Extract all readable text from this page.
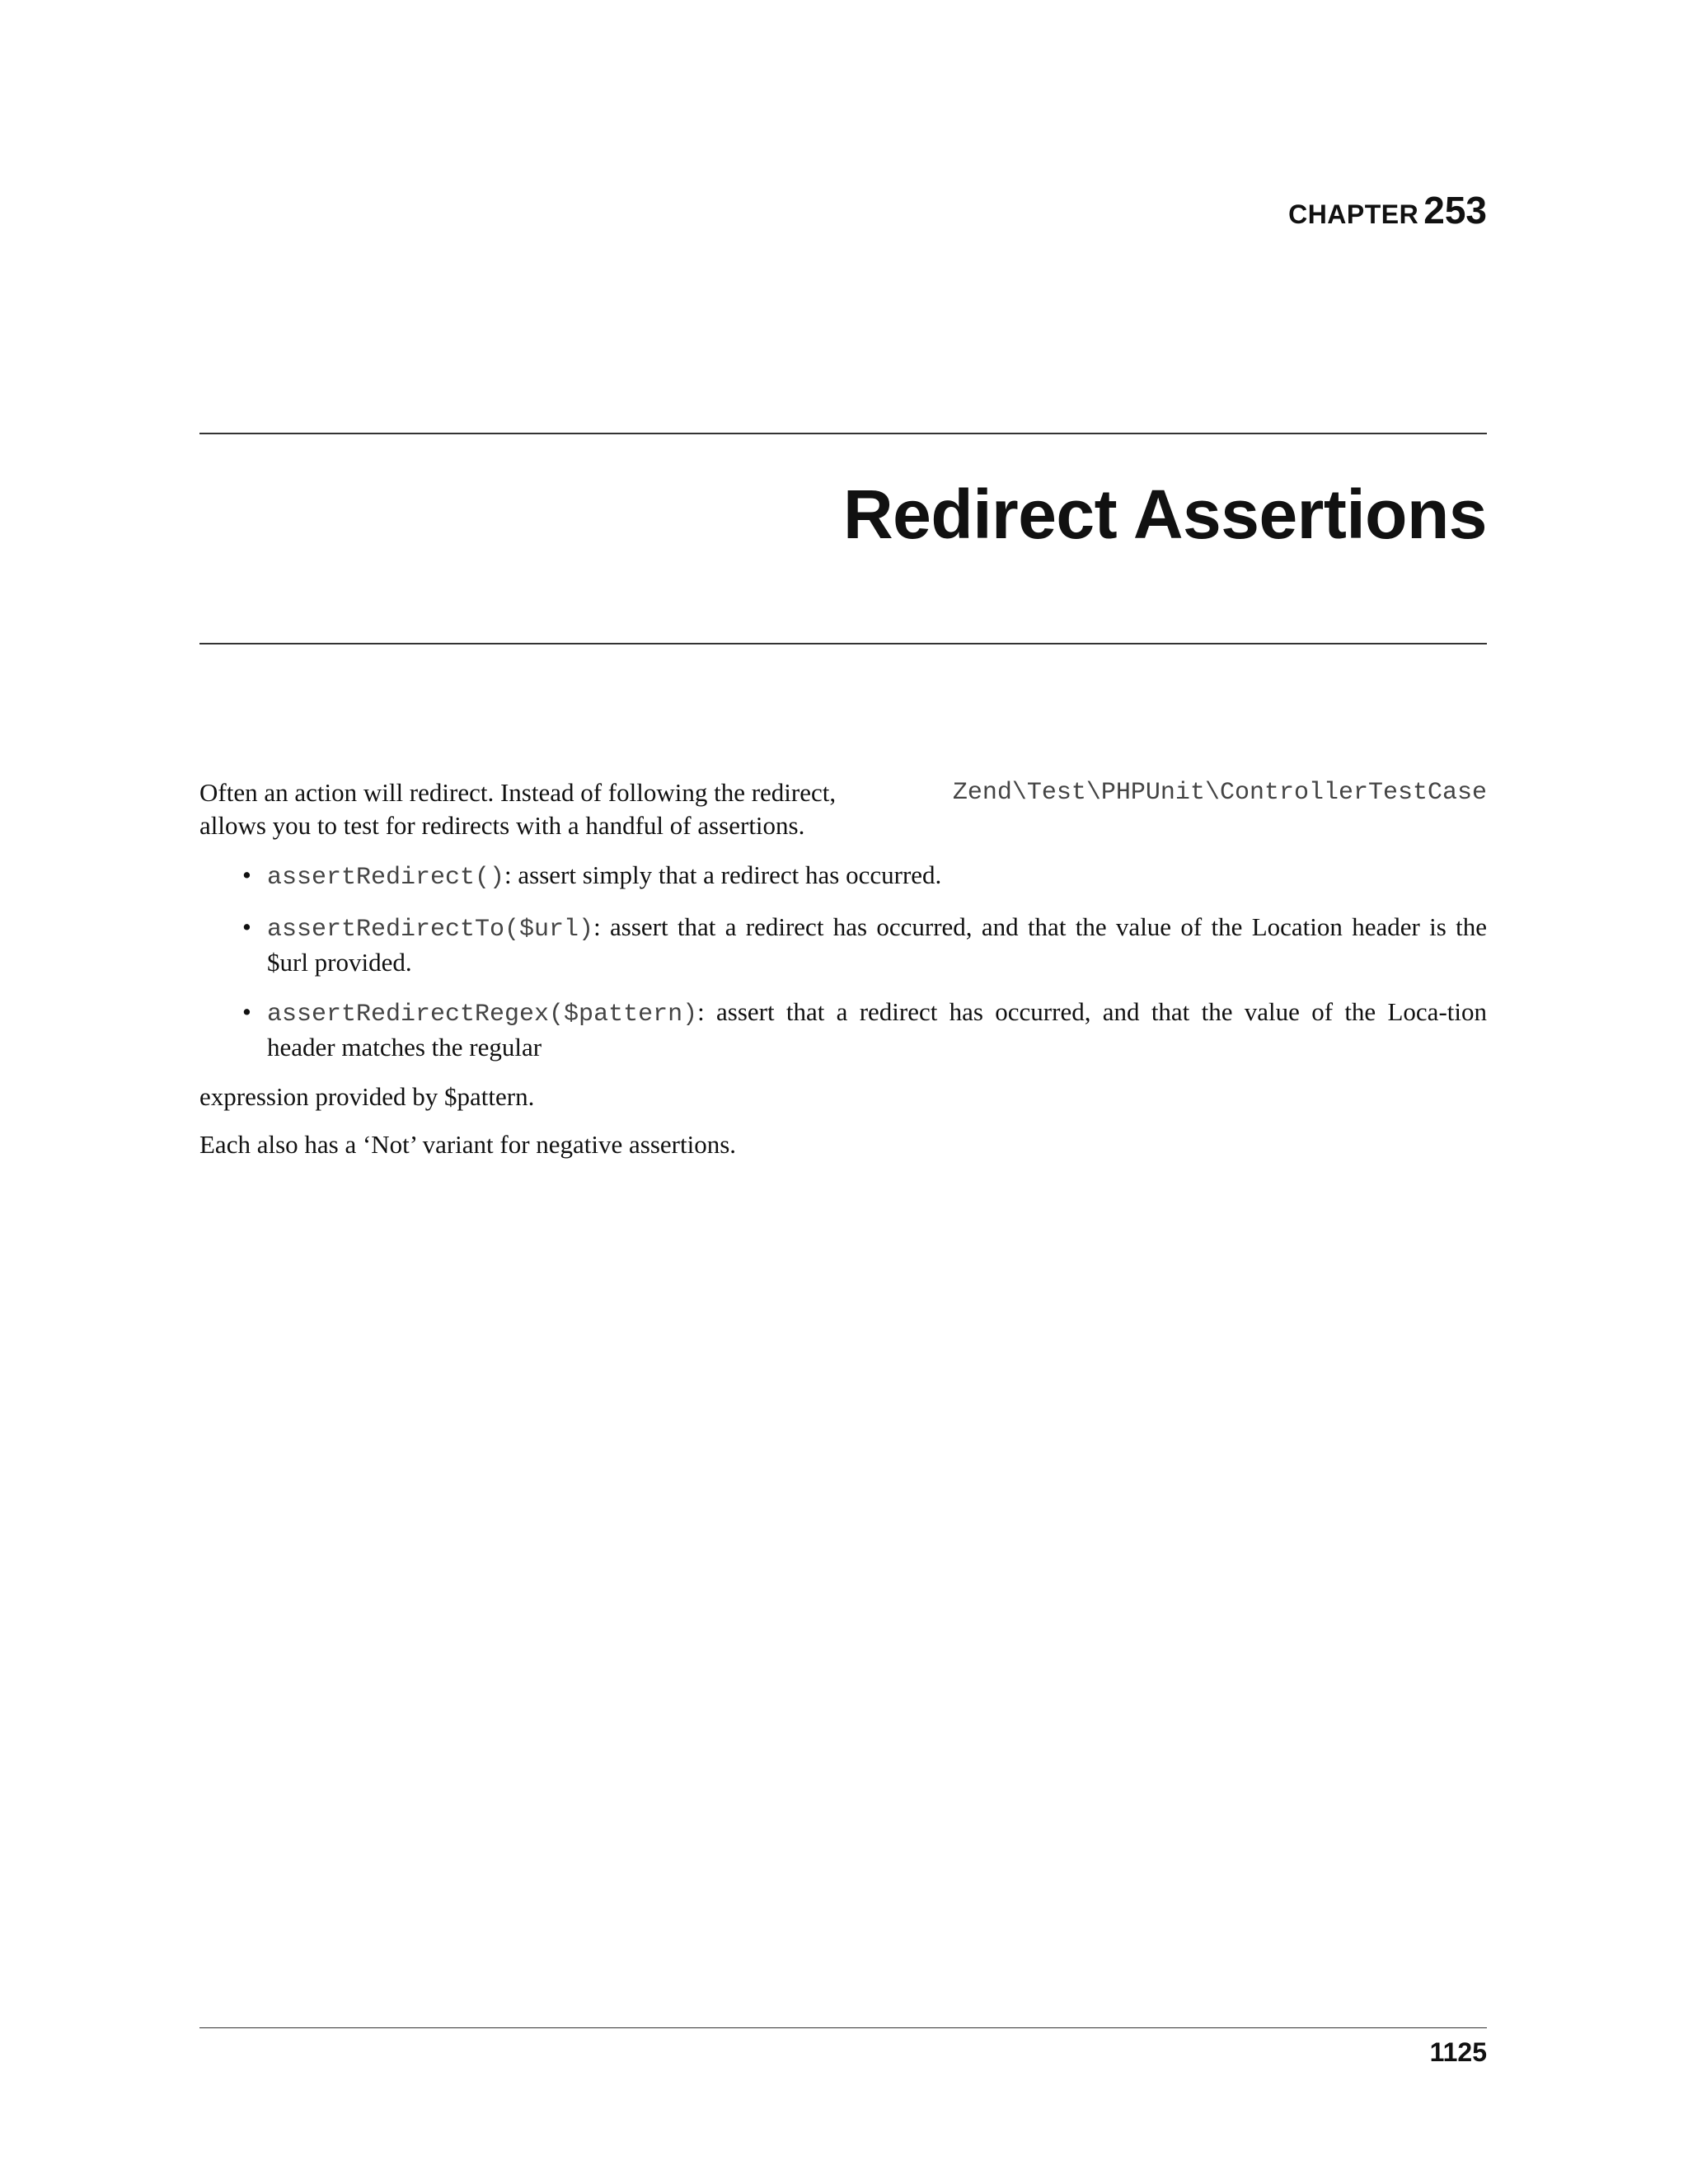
CHAPTER 253
Redirect Assertions

Often an action will redirect. Instead of following the redirect,	Zend\Test\PHPUnit\ControllerTestCase
allows you to test for redirects with a handful of assertions.

• assertRedirect(): assert simply that a redirect has occurred.
• assertRedirectTo($url): assert that a redirect has occurred, and that the value of the Location header is the $url provided.
• assertRedirectRegex($pattern): assert that a redirect has occurred, and that the value of the Loca-tion header matches the regular

expression provided by $pattern.

Each also has a ‘Not’ variant for negative assertions.

1125
